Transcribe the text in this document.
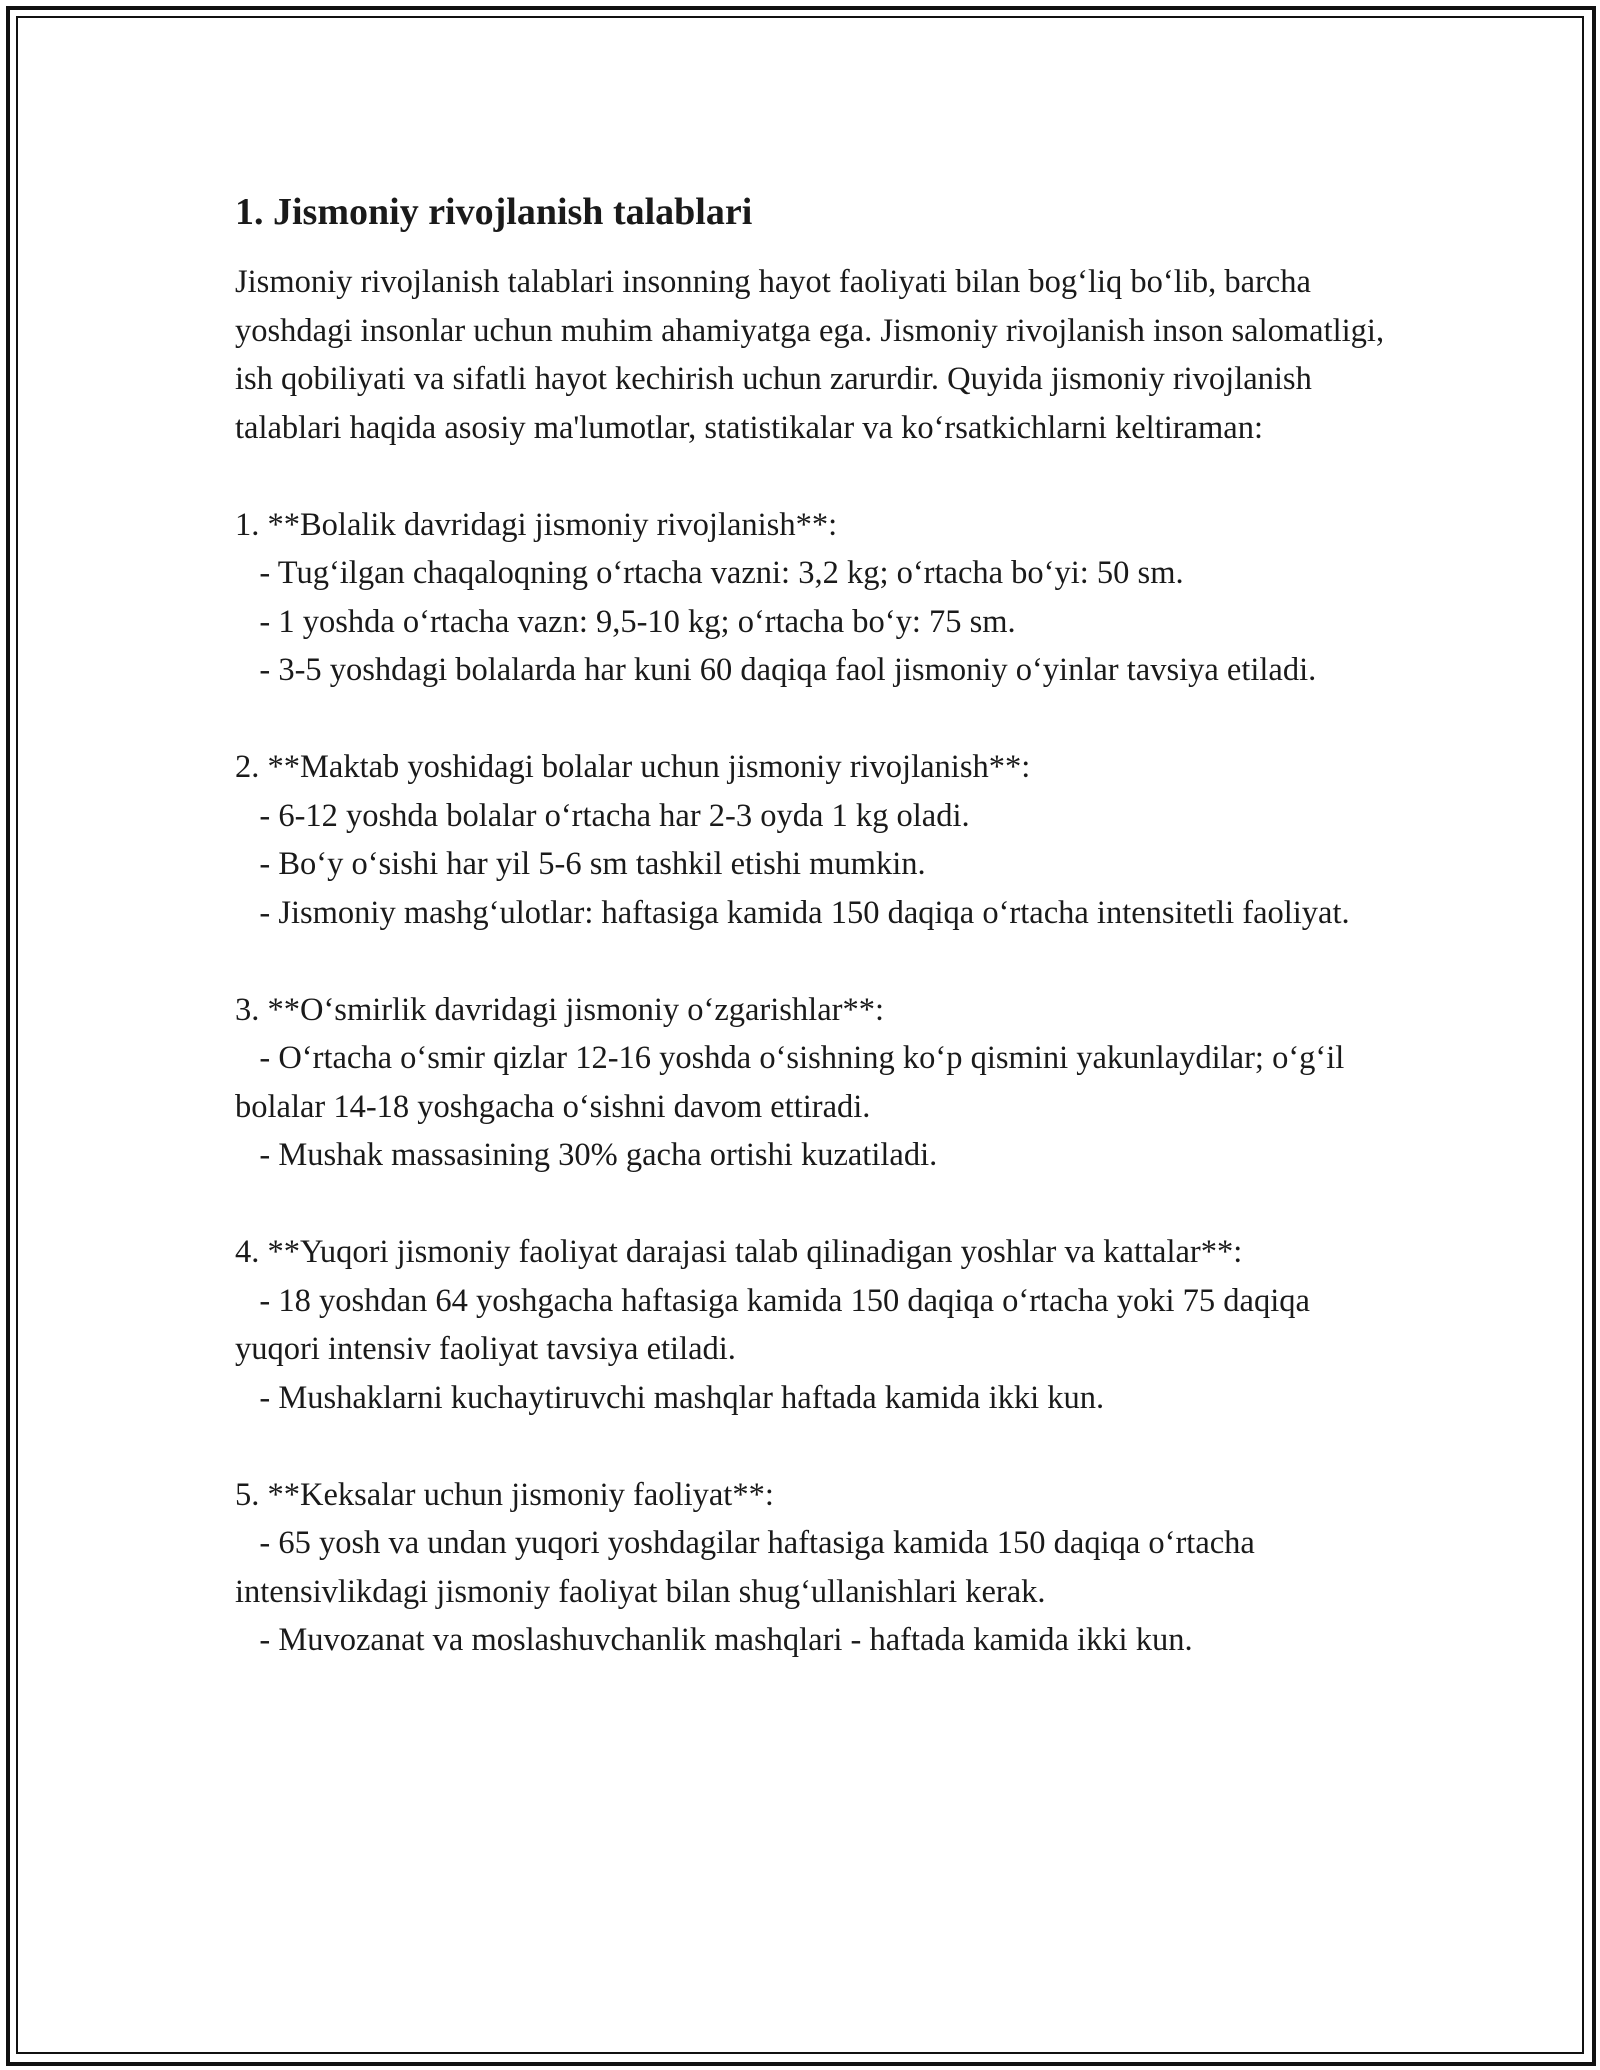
1. Jismoniy rivojlanish talablari

Jismoniy rivojlanish talablari insonning hayot faoliyati bilan bog‘liq bo‘lib, barcha yoshdagi insonlar uchun muhim ahamiyatga ega. Jismoniy rivojlanish inson salomatligi, ish qobiliyati va sifatli hayot kechirish uchun zarurdir. Quyida jismoniy rivojlanish talablari haqida asosiy ma'lumotlar, statistikalar va ko‘rsatkichlarni keltiraman:

1. **Bolalik davridagi jismoniy rivojlanish**:

- Tug‘ilgan chaqaloqning o‘rtacha vazni: 3,2 kg; o‘rtacha bo‘yi: 50 sm.

- 1 yoshda o‘rtacha vazn: 9,5-10 kg; o‘rtacha bo‘y: 75 sm.

- 3-5 yoshdagi bolalarda har kuni 60 daqiqa faol jismoniy o‘yinlar tavsiya etiladi.

2. **Maktab yoshidagi bolalar uchun jismoniy rivojlanish**:

- 6-12 yoshda bolalar o‘rtacha har 2-3 oyda 1 kg oladi.

- Bo‘y o‘sishi har yil 5-6 sm tashkil etishi mumkin.

- Jismoniy mashg‘ulotlar: haftasiga kamida 150 daqiqa o‘rtacha intensitetli faoliyat.

3. **O‘smirlik davridagi jismoniy o‘zgarishlar**:

- O‘rtacha o‘smir qizlar 12-16 yoshda o‘sishning ko‘p qismini yakunlaydilar; o‘g‘il bolalar 14-18 yoshgacha o‘sishni davom ettiradi.

- Mushak massasining 30% gacha ortishi kuzatiladi.

4. **Yuqori jismoniy faoliyat darajasi talab qilinadigan yoshlar va kattalar**:

- 18 yoshdan 64 yoshgacha haftasiga kamida 150 daqiqa o‘rtacha yoki 75 daqiqa yuqori intensiv faoliyat tavsiya etiladi.

- Mushaklarni kuchaytiruvchi mashqlar haftada kamida ikki kun.

5. **Keksalar uchun jismoniy faoliyat**:

- 65 yosh va undan yuqori yoshdagilar haftasiga kamida 150 daqiqa o‘rtacha intensivlikdagi jismoniy faoliyat bilan shug‘ullanishlari kerak.

- Muvozanat va moslashuvchanlik mashqlari - haftada kamida ikki kun.
